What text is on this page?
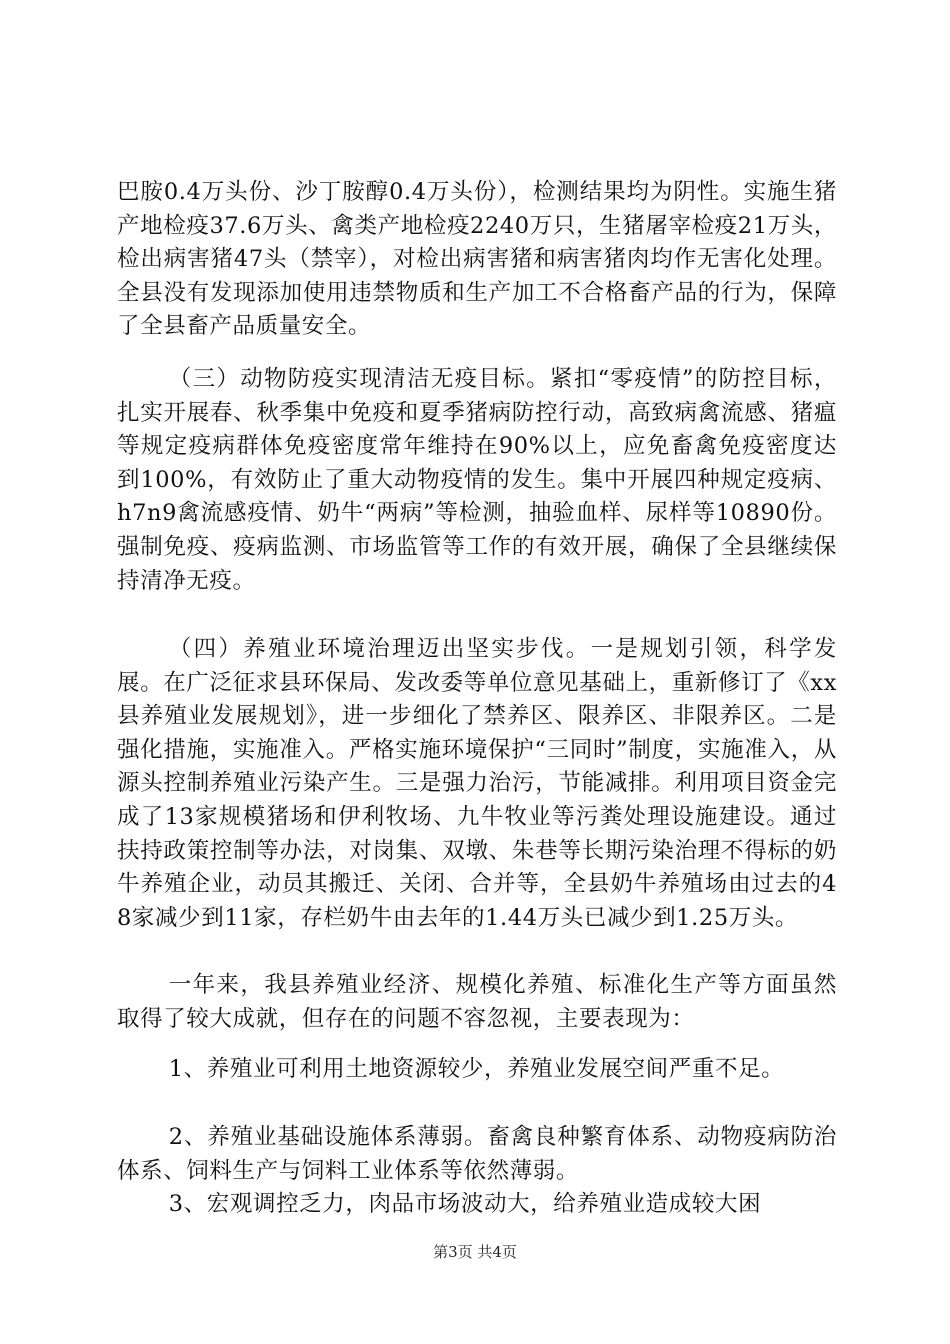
巴胺0.4万头份、沙丁胺醇0.4万头份），检测结果均为阴性。实施生猪产地检疫37.6万头、禽类产地检疫2240万只，生猪屠宰检疫21万头，检出病害猪47头（禁宰），对检出病害猪和病害猪肉均作无害化处理。全县没有发现添加使用违禁物质和生产加工不合格畜产品的行为，保障了全县畜产品质量安全。

（三）动物防疫实现清洁无疫目标。紧扣“零疫情”的防控目标，扎实开展春、秋季集中免疫和夏季猪病防控行动，高致病禽流感、猪瘟等规定疫病群体免疫密度常年维持在90%以上，应免畜禽免疫密度达到100%，有效防止了重大动物疫情的发生。集中开展四种规定疫病、h7n9禽流感疫情、奶牛“两病”等检测，抽验血样、尿样等10890份。强制免疫、疫病监测、市场监管等工作的有效开展，确保了全县继续保持清净无疫。

（四）养殖业环境治理迈出坚实步伐。一是规划引领，科学发展。在广泛征求县环保局、发改委等单位意见基础上，重新修订了《xx县养殖业发展规划》，进一步细化了禁养区、限养区、非限养区。二是强化措施，实施准入。严格实施环境保护“三同时”制度，实施准入，从源头控制养殖业污染产生。三是强力治污，节能减排。利用项目资金完成了13家规模猪场和伊利牧场、九牛牧业等污粪处理设施建设。通过扶持政策控制等办法，对岗集、双墩、朱巷等长期污染治理不得标的奶牛养殖企业，动员其搬迁、关闭、合并等，全县奶牛养殖场由过去的48家减少到11家，存栏奶牛由去年的1.44万头已减少到1.25万头。

一年来，我县养殖业经济、规模化养殖、标准化生产等方面虽然取得了较大成就，但存在的问题不容忽视，主要表现为：

1、养殖业可利用土地资源较少，养殖业发展空间严重不足。

2、养殖业基础设施体系薄弱。畜禽良种繁育体系、动物疫病防治体系、饲料生产与饲料工业体系等依然薄弱。

3、宏观调控乏力，肉品市场波动大，给养殖业造成较大困

第3页 共4页
